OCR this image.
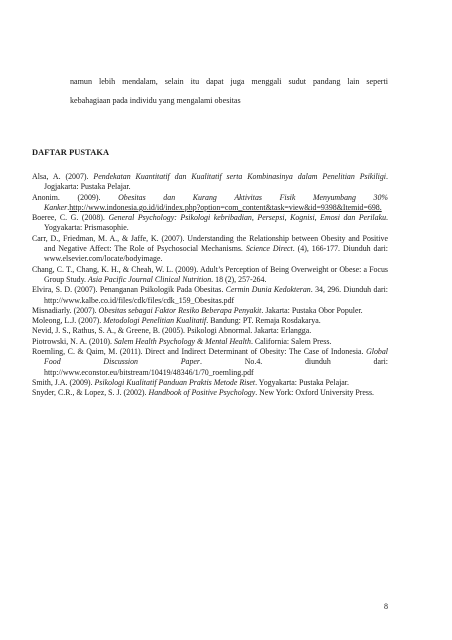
namun lebih mendalam, selain itu dapat juga menggali sudut pandang lain seperti

kebahagiaan pada individu yang mengalami obesitas

DAFTAR PUSTAKA

Alsa, A. (2007). Pendekatan Kuantitatif dan Kualitatif serta Kombinasinya dalam Penelitian Psikiligi. Jogjakarta: Pustaka Pelajar.

Anonim. (2009). Obesitas dan Kurang Aktivitas Fisik Menyumbang 30% Kanker.http://www.indonesia.go.id/id/index.php?option=com_content&task=view&id=9398&Itemid=698.

Boeree, C. G. (2008). General Psychology: Psikologi kebribadian, Persepsi, Kognisi, Emosi dan Perilaku. Yogyakarta: Prismasophie.

Carr, D., Friedman, M. A., & Jaffe, K. (2007). Understanding the Relationship between Obesity and Positive and Negative Affect: The Role of Psychosocial Mechanisms. Science Direct. (4), 166-177. Diunduh dari: www.elsevier.com/locate/bodyimage.

Chang, C. T., Chang, K. H., & Cheah, W. L. (2009). Adult’s Perception of Being Overweight or Obese: a Focus Group Study. Asia Pacific Journal Clinical Nutrition. 18 (2), 257-264.

Elvira, S. D. (2007). Penanganan Psikologik Pada Obesitas. Cermin Dunia Kedokteran. 34, 296. Diunduh dari: http://www.kalbe.co.id/files/cdk/files/cdk_159_Obesitas.pdf

Misnadiarly. (2007). Obesitas sebagai Faktor Resiko Beberapa Penyakit. Jakarta: Pustaka Obor Populer.

Moleong, L.J. (2007). Metodologi Penelitian Kualitatif. Bandung: PT. Remaja Rosdakarya.

Nevid, J. S., Rathus, S. A., & Greene, B. (2005). Psikologi Abnormal. Jakarta: Erlangga.

Piotrowski, N. A. (2010). Salem Health Psychology & Mental Health. California: Salem Press.

Roemling, C. & Qaim, M. (2011). Direct and Indirect Determinant of Obesity: The Case of Indonesia. Global Food Discussion Paper. No.4. diunduh dari: http://www.econstor.eu/bitstream/10419/48346/1/70_roemling.pdf

Smith, J.A. (2009). Psikologi Kualitatif Panduan Praktis Metode Riset. Yogyakarta: Pustaka Pelajar.

Snyder, C.R., & Lopez, S. J. (2002). Handbook of Positive Psychology. New York: Oxford University Press.

8
